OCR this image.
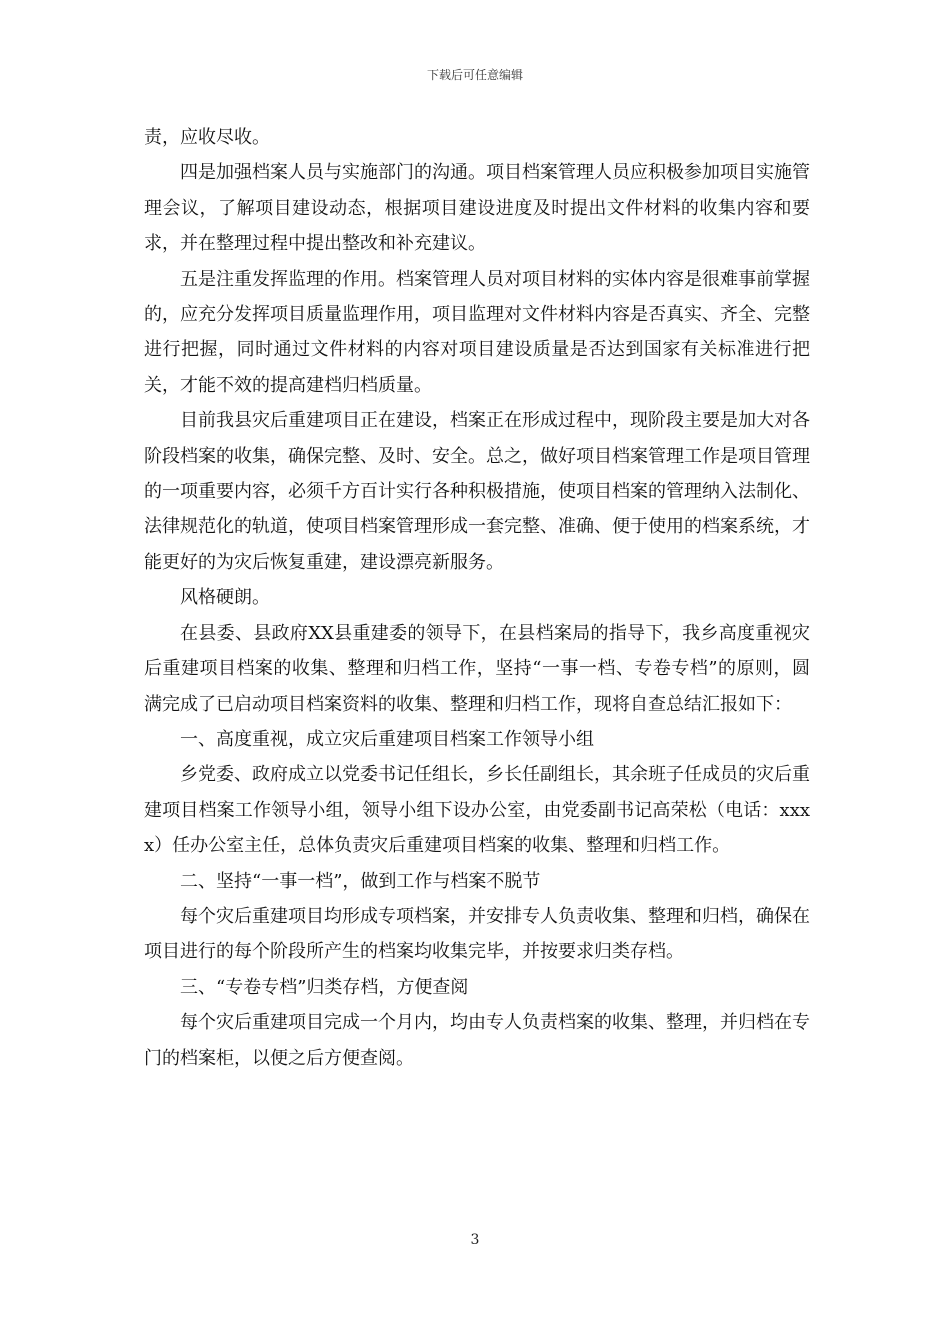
下载后可任意编辑

责，应收尽收。

四是加强档案人员与实施部门的沟通。项目档案管理人员应积极参加项目实施管理会议，了解项目建设动态，根据项目建设进度及时提出文件材料的收集内容和要求，并在整理过程中提出整改和补充建议。

五是注重发挥监理的作用。档案管理人员对项目材料的实体内容是很难事前掌握的，应充分发挥项目质量监理作用，项目监理对文件材料内容是否真实、齐全、完整进行把握，同时通过文件材料的内容对项目建设质量是否达到国家有关标准进行把关，才能不效的提高建档归档质量。

目前我县灾后重建项目正在建设，档案正在形成过程中，现阶段主要是加大对各阶段档案的收集，确保完整、及时、安全。总之，做好项目档案管理工作是项目管理的一项重要内容，必须千方百计实行各种积极措施，使项目档案的管理纳入法制化、法律规范化的轨道，使项目档案管理形成一套完整、准确、便于使用的档案系统，才能更好的为灾后恢复重建，建设漂亮新服务。

风格硬朗。

在县委、县政府XX县重建委的领导下，在县档案局的指导下，我乡高度重视灾后重建项目档案的收集、整理和归档工作，坚持“一事一档、专卷专档”的原则，圆满完成了已启动项目档案资料的收集、整理和归档工作，现将自查总结汇报如下：

一、高度重视，成立灾后重建项目档案工作领导小组

乡党委、政府成立以党委书记任组长，乡长任副组长，其余班子任成员的灾后重建项目档案工作领导小组，领导小组下设办公室，由党委副书记高荣松（电话：xxxx）任办公室主任，总体负责灾后重建项目档案的收集、整理和归档工作。

二、坚持“一事一档”，做到工作与档案不脱节

每个灾后重建项目均形成专项档案，并安排专人负责收集、整理和归档，确保在项目进行的每个阶段所产生的档案均收集完毕，并按要求归类存档。

三、“专卷专档”归类存档，方便查阅

每个灾后重建项目完成一个月内，均由专人负责档案的收集、整理，并归档在专门的档案柜，以便之后方便查阅。

3
